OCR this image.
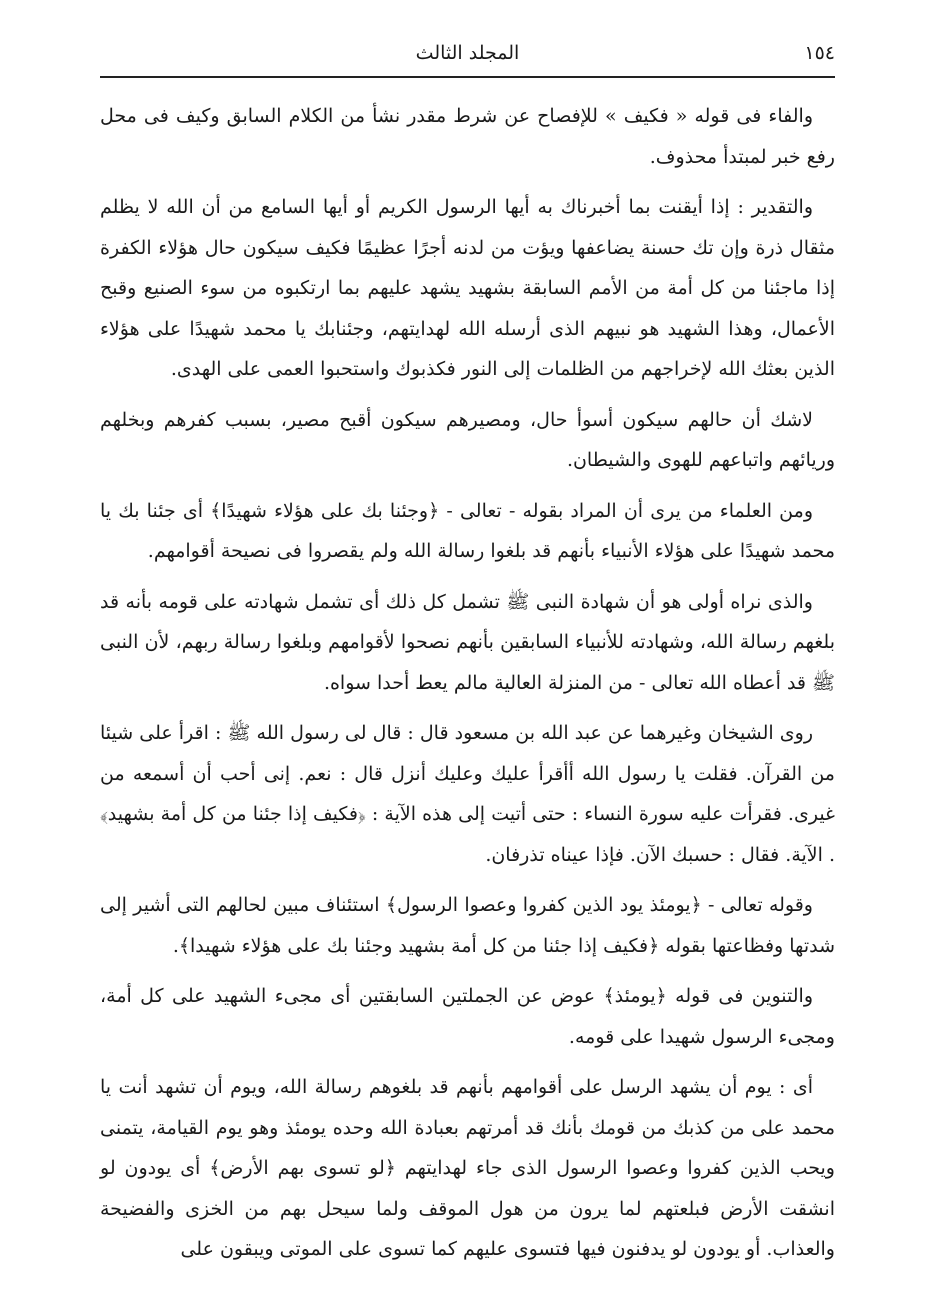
١٥٤
المجلد الثالث

والفاء فى قوله « فكيف » للإفصاح عن شرط مقدر نشأ من الكلام السابق وكيف فى محل رفع خبر لمبتدأ محذوف.

والتقدير : إذا أيقنت بما أخبرناك به أيها الرسول الكريم أو أيها السامع من أن الله لا يظلم مثقال ذرة وإن تك حسنة يضاعفها ويؤت من لدنه أجرًا عظيمًا فكيف سيكون حال هؤلاء الكفرة إذا ماجئنا من كل أمة من الأمم السابقة بشهيد يشهد عليهم بما ارتكبوه من سوء الصنيع وقبح الأعمال، وهذا الشهيد هو نبيهم الذى أرسله الله لهدايتهم، وجئنابك يا محمد شهيدًا على هؤلاء الذين بعثك الله لإخراجهم من الظلمات إلى النور فكذبوك واستحبوا العمى على الهدى.

لاشك أن حالهم سيكون أسوأ حال، ومصيرهم سيكون أقبح مصير، بسبب كفرهم وبخلهم وريائهم واتباعهم للهوى والشيطان.

ومن العلماء من يرى أن المراد بقوله - تعالى - ﴿وجئنا بك على هؤلاء شهيدًا﴾ أى جئنا بك يا محمد شهيدًا على هؤلاء الأنبياء بأنهم قد بلغوا رسالة الله ولم يقصروا فى نصيحة أقوامهم.

والذى نراه أولى هو أن شهادة النبى ﷺ تشمل كل ذلك أى تشمل شهادته على قومه بأنه قد بلغهم رسالة الله، وشهادته للأنبياء السابقين بأنهم نصحوا لأقوامهم وبلغوا رسالة ربهم، لأن النبى ﷺ قد أعطاه الله تعالى - من المنزلة العالية مالم يعط أحدا سواه.

روى الشيخان وغيرهما عن عبد الله بن مسعود قال : قال لى رسول الله ﷺ : اقرأ على شيئا من القرآن. فقلت يا رسول الله أأقرأ عليك وعليك أنزل قال : نعم. إنى أحب أن أسمعه من غيرى. فقرأت عليه سورة النساء : حتى أتيت إلى هذه الآية : ﴿فكيف إذا جئنا من كل أمة بشهيد﴾ . الآية. فقال : حسبك الآن. فإذا عيناه تذرفان.

وقوله تعالى - ﴿يومئذ يود الذين كفروا وعصوا الرسول﴾ استئناف مبين لحالهم التى أشير إلى شدتها وفظاعتها بقوله ﴿فكيف إذا جئنا من كل أمة بشهيد وجئنا بك على هؤلاء شهيدا﴾.

والتنوين فى قوله ﴿يومئذ﴾ عوض عن الجملتين السابقتين أى مجىء الشهيد على كل أمة، ومجىء الرسول شهيدا على قومه.

أى : يوم أن يشهد الرسل على أقوامهم بأنهم قد بلغوهم رسالة الله، ويوم أن تشهد أنت يا محمد على من كذبك من قومك بأنك قد أمرتهم بعبادة الله وحده يومئذ وهو يوم القيامة، يتمنى ويحب الذين كفروا وعصوا الرسول الذى جاء لهدايتهم ﴿لو تسوى بهم الأرض﴾ أى يودون لو انشقت الأرض فبلعتهم لما يرون من هول الموقف ولما سيحل بهم من الخزى والفضيحة والعذاب. أو يودون لو يدفنون فيها فتسوى عليهم كما تسوى على الموتى ويبقون على
